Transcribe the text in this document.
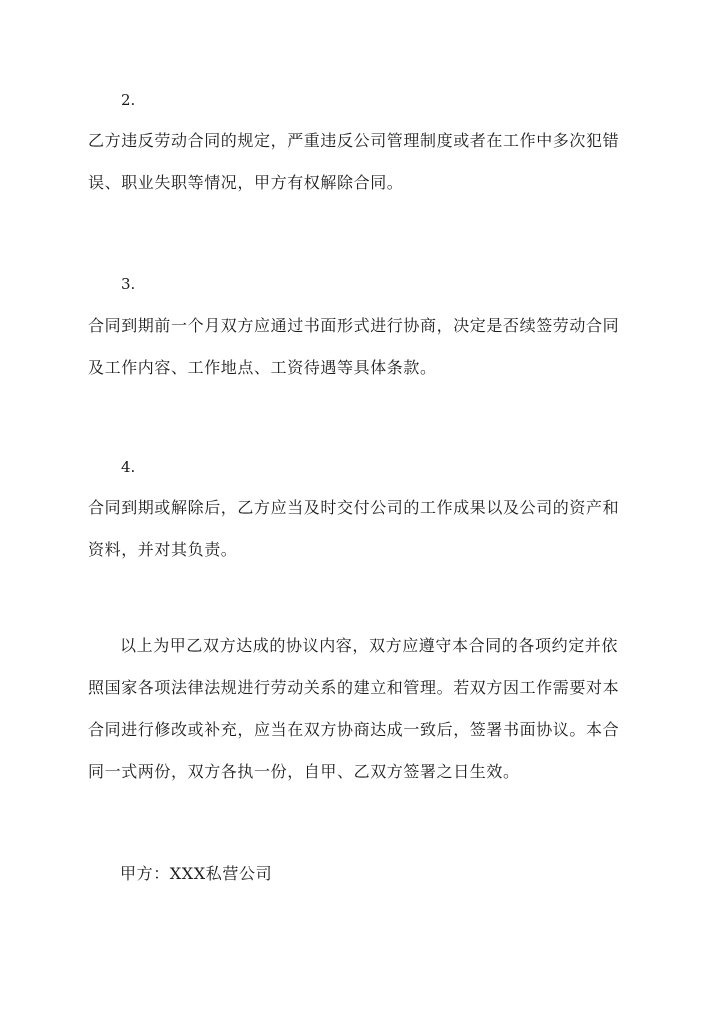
2.
乙方违反劳动合同的规定，严重违反公司管理制度或者在工作中多次犯错
误、职业失职等情况，甲方有权解除合同。
3.
合同到期前一个月双方应通过书面形式进行协商，决定是否续签劳动合同
及工作内容、工作地点、工资待遇等具体条款。
4.
合同到期或解除后，乙方应当及时交付公司的工作成果以及公司的资产和
资料，并对其负责。
以上为甲乙双方达成的协议内容，双方应遵守本合同的各项约定并依
照国家各项法律法规进行劳动关系的建立和管理。若双方因工作需要对本
合同进行修改或补充，应当在双方协商达成一致后，签署书面协议。本合
同一式两份，双方各执一份，自甲、乙双方签署之日生效。
甲方：XXX私营公司
